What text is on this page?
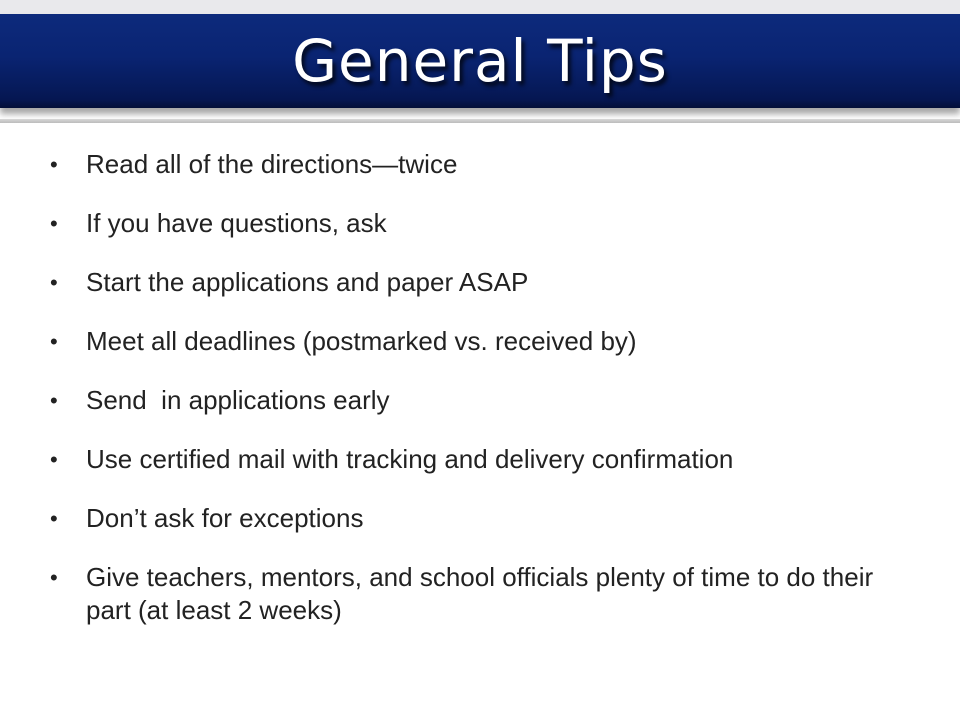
General Tips
• Read all of the directions—twice
• If you have questions, ask
• Start the applications and paper ASAP
• Meet all deadlines (postmarked vs. received by)
• Send  in applications early
• Use certified mail with tracking and delivery confirmation
• Don’t ask for exceptions
• Give teachers, mentors, and school officials plenty of time to do their part (at least 2 weeks)
